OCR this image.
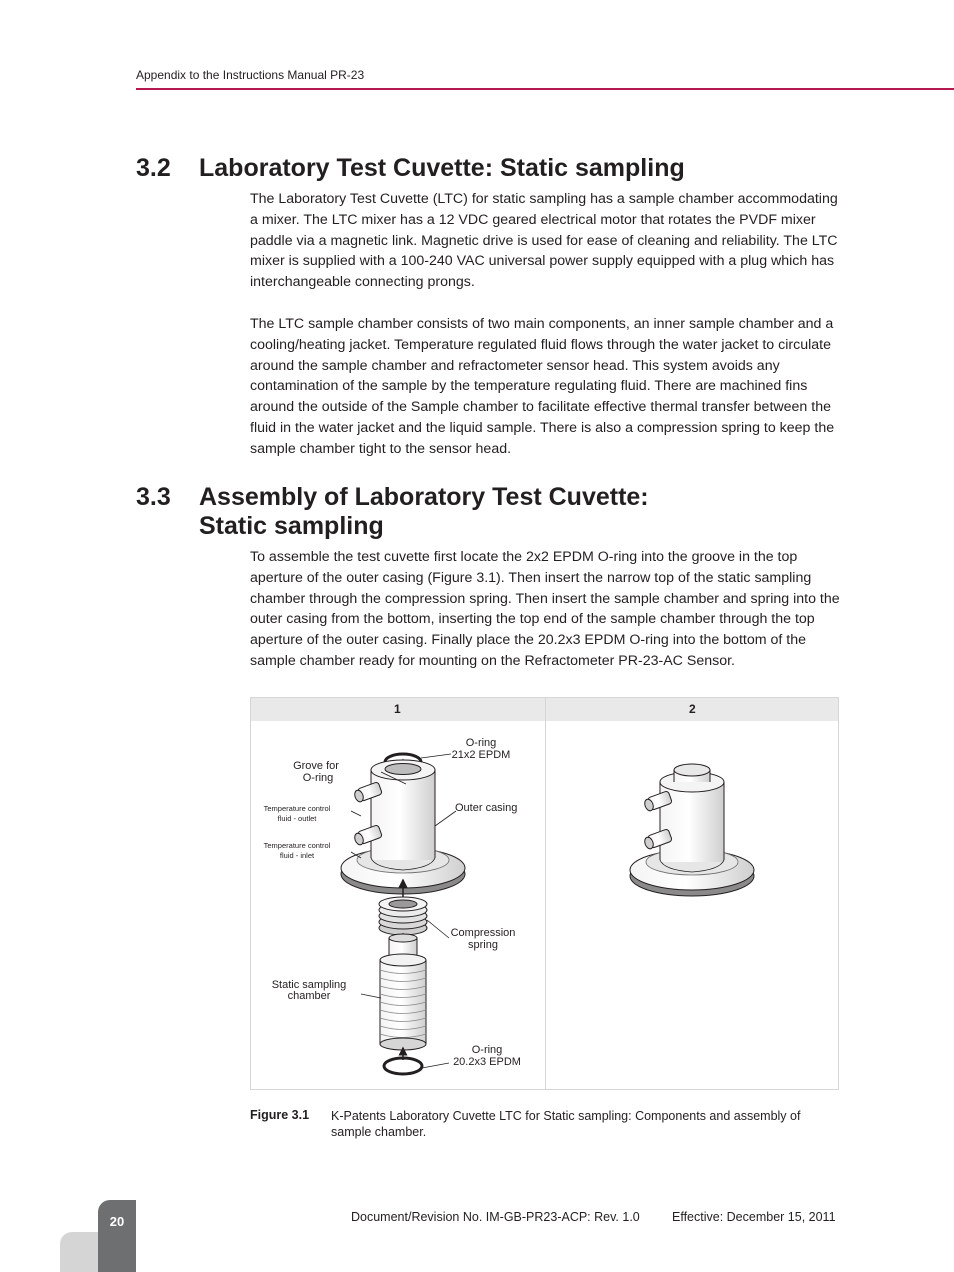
Appendix to the Instructions Manual PR-23
3.2 Laboratory Test Cuvette: Static sampling

The Laboratory Test Cuvette (LTC) for static sampling has a sample chamber accommodating a mixer. The LTC mixer has a 12 VDC geared electrical motor that rotates the PVDF mixer paddle via a magnetic link. Magnetic drive is used for ease of cleaning and reliability. The LTC mixer is supplied with a 100-240 VAC universal power supply equipped with a plug which has interchangeable connecting prongs.

The LTC sample chamber consists of two main components, an inner sample chamber and a cooling/heating jacket. Temperature regulated fluid flows through the water jacket to circulate around the sample chamber and refractometer sensor head. This system avoids any contamination of the sample by the temperature regulating fluid. There are machined fins around the outside of the Sample chamber to facilitate effective thermal transfer between the fluid in the water jacket and the liquid sample. There is also a compression spring to keep the sample chamber tight to the sensor head.

3.3 Assembly of Laboratory Test Cuvette:
Static sampling

To assemble the test cuvette first locate the 2x2 EPDM O-ring into the groove in the top aperture of the outer casing (Figure 3.1). Then insert the narrow top of the static sampling chamber through the compression spring. Then insert the sample chamber and spring into the outer casing from the bottom, inserting the top end of the sample chamber through the top aperture of the outer casing. Finally place the 20.2x3 EPDM O-ring into the bottom of the sample chamber ready for mounting on the Refractometer PR-23-AC Sensor.

1	2
O-ring
21x2 EPDM
Grove for
O-ring
Outer casing
Temperature control
fluid - outlet
Temperature control
fluid - inlet
Compression
spring
Static sampling
chamber
O-ring
20.2x3 EPDM
Figure 3.1 K-Patents Laboratory Cuvette LTC for Static sampling: Components and assembly of sample chamber.
20	Document/Revision No. IM-GB-PR23-ACP: Rev. 1.0	Effective: December 15, 2011
